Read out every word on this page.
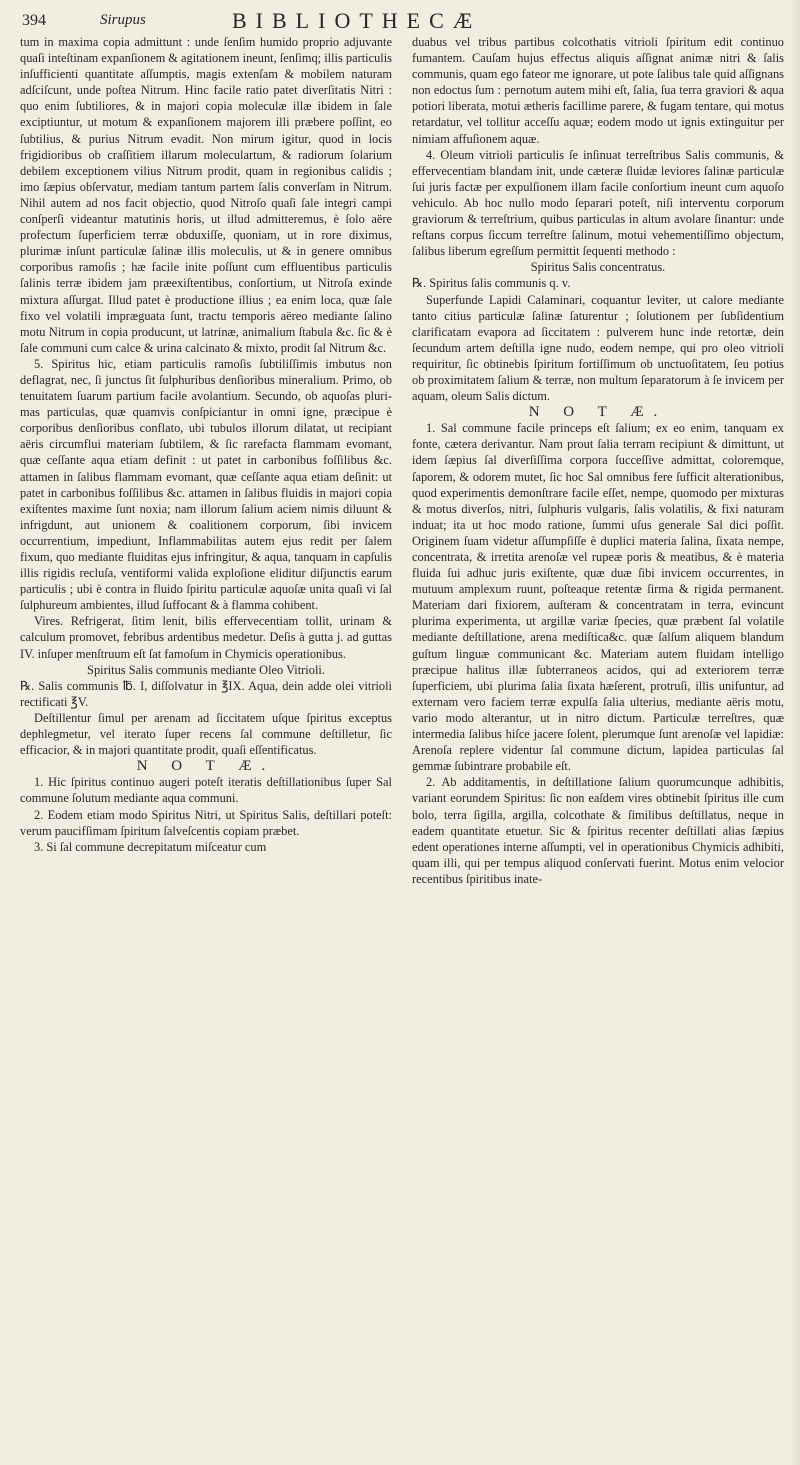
394	Sirupus	BIBLIOTHECÆ

tum in maxima copia admittunt : unde ſenſim humido proprio adjuvante quaſi inteſtinam expanſionem & agitationem ineunt, ſenſimq; illis particulis inſufficienti quantitate aſſumptis, magis extenſam & mobilem naturam adſciſcunt, unde poſtea Nitrum. Hinc facile ratio patet diverſitatis Nitri : quo enim ſubtiliores, & in majori copia moleculæ illæ ibidem in ſale exciptiuntur, ut motum & expanſionem majorem illi præbere poſſint, eo ſubtilius, & purius Nitrum evadit. Non mirum igitur, quod in locis frigidioribus ob craſſitiem illarum moleculartum, & radiorum ſolarium debilem exceptionem vilius Nitrum prodit, quam in regionibus calidis ; imo ſæpius obſervatur, mediam tantum partem ſalis converſam in Nitrum. Nihil autem ad nos facit objectio, quod Nitroſo quaſi ſale integri campi conſperſi videantur matutinis horis, ut illud admitteremus, è ſolo aëre profectum ſuperficiem terræ obduxiſſe, quoniam, ut in rore diximus, plurimæ inſunt particulæ ſalinæ illis moleculis, ut & in genere omnibus corporibus ramoſis ; hæ facile inite poſſunt cum effluentibus particulis ſalinis terræ ibidem jam præexiſtentibus, conſortium, ut Nitroſa exinde mixtura aſſurgat. Illud patet è productione illius ; ea enim loca, quæ ſale fixo vel volatili impræguata ſunt, tractu temporis aëreo mediante ſalino motu Nitrum in copia producunt, ut latrinæ, animalium ſtabula &c. ſic & è ſale communi cum calce & urina calcinato & mixto, prodit ſal Nitrum &c.

5. Spiritus hic, etiam particulis ramoſis ſubtiliſſimis imbutus non deflagrat, nec, ſi junctus ſit ſulphuribus denſioribus mineralium. Primo, ob tenuitatem ſuarum partium facile avolantium. Secundo, ob aquoſas pluri-mas particulas, quæ quamvis conſpiciantur in omni igne, præcipue è corporibus denſioribus conflato, ubi tubulos illorum dilatat, ut recipiant aëris circumflui materiam ſubtilem, & ſic rarefacta flammam evomant, quæ ceſſante aqua etiam definit : ut patet in carbonibus foſſilibus &c. attamen in ſalibus flammam evomant, quæ ceſſante aqua etiam deſinit: ut patet in carbonibus foſſilibus &c. attamen in ſalibus fluidis in majori copia exiſtentes maxime ſunt noxia; nam illorum ſalium aciem nimis diluunt & infrigdunt, aut unionem & coalitionem corporum, ſibi invicem occurrentium, impediunt, Inflammabilitas autem ejus redit per ſalem fixum, quo mediante fluiditas ejus infringitur, & aqua, tanquam in capſulis illis rigidis recluſa, ventiformi valida exploſione eliditur diſjunctis earum particulis ; ubi è contra in fluido ſpiritu particulæ aquoſæ unita quaſi vi ſal ſulphureum ambientes, illud ſuffocant & à flamma cohibent.

Vires. Refrigerat, ſitim lenit, bilis effervecentiam tollit, urinam & calculum promovet, febribus ardentibus medetur. Deſis à gutta j. ad guttas IV. inſuper menſtruum eſt ſat famoſum in Chymicis operationibus.

Spiritus Salis communis mediante Oleo Vitrioli.

℞. Salis communis ℔. I, diſſolvatur in ℥IX. Aqua, dein adde olei vitrioli rectificati ℥V.

Deſtillentur ſimul per arenam ad ſiccitatem uſque ſpiritus exceptus dephlegmetur, vel iterato ſuper recens ſal commune deſtilletur, ſic efficacior, & in majori quantitate prodit, quaſi eſſentificatus.

N O T Æ.

1. Hic ſpiritus continuo augeri poteſt iteratis deſtillationibus ſuper Sal commune ſolutum mediante aqua communi.

2. Eodem etiam modo Spiritus Nitri, ut Spiritus Salis, deſtillari poteſt: verum paucifſimam ſpiritum ſalveſcentis copiam præbet.

3. Si ſal commune decrepitatum miſceatur cum

duabus vel tribus partibus colcothatis vitrioli ſpiritum edit continuo fumantem. Cauſam hujus effectus aliquis aſſignat animæ nitri & ſalis communis, quam ego fateor me ignorare, ut pote ſalibus tale quid aſſignans non edoctus ſum : pernotum autem mihi eſt, ſalia, ſua terra graviori & aqua potiori liberata, motui ætheris facillime parere, & fugam tentare, qui motus retardatur, vel tollitur acceſſu aquæ; eodem modo ut ignis extinguitur per nimiam affuſionem aquæ.

4. Oleum vitrioli particulis ſe inſinuat terreſtribus Salis communis, & effervecentiam blandam init, unde cæteræ ſluidæ leviores ſalinæ particulæ ſui juris factæ per expulſionem illam facile conſortium ineunt cum aquoſo vehiculo. Ab hoc nullo modo ſeparari poteſt, niſi interventu corporum graviorum & terreſtrium, quibus particulas in altum avolare ſinantur: unde reſtans corpus ſiccum terreſtre ſalinum, motui vehementiſſimo objectum, ſalibus liberum egreſſum permittit ſequenti methodo :

Spiritus Salis concentratus.

℞. Spiritus ſalis communis q. v.

Superfunde Lapidi Calaminari, coquantur leviter, ut calore mediante tanto citius particulæ ſalinæ ſaturentur ; ſolutionem per ſubſidentium clarificatam evapora ad ſiccitatem : pulverem hunc inde retortæ, dein ſecundum artem deſtilla igne nudo, eodem nempe, qui pro oleo vitrioli requiritur, ſic obtinebis ſpiritum fortiſſimum ob unctuoſitatem, ſeu potius ob proximitatem ſalium & terræ, non multum ſeparatorum à ſe invicem per aquam, oleum Salis dictum.

N O T Æ.

1. Sal commune facile princeps eſt ſalium; ex eo enim, tanquam ex fonte, cætera derivantur. Nam prout ſalia terram recipiunt & dimittunt, ut idem ſæpius ſal diverſiſſima corpora ſucceſſive admittat, coloremque, ſaporem, & odorem mutet, ſic hoc Sal omnibus fere ſufficit alterationibus, quod experimentis demonſtrare facile eſſet, nempe, quomodo per mixturas & motus diverſos, nitri, ſulphuris vulgaris, ſalis volatilis, & fixi naturam induat; ita ut hoc modo ratione, ſummi uſus generale Sal dici poſſit. Originem ſuam videtur aſſumpſiſſe è duplici materia ſalina, ſixata nempe, concentrata, & irretita arenoſæ vel rupeæ poris & meatibus, & è materia fluida ſui adhuc juris exiſtente, quæ duæ ſibi invicem occurrentes, in mutuum amplexum ruunt, poſteaque retentæ ſirma & rigida permanent. Materiam dari fixiorem, auſteram & concentratam in terra, evincunt plurima experimenta, ut argillæ variæ ſpecies, quæ præbent ſal volatile mediante deſtillatione, arena mediſtica&c. quæ ſalſum aliquem blandum guſtum linguæ communicant &c. Materiam autem fluidam intelligo præcipue halitus illæ ſubterraneos acidos, qui ad exteriorem terræ ſuperficiem, ubi plurima ſalia ſixata hæſerent, protruſi, illis unifuntur, ad externam vero faciem terræ expulſa ſalia ulterius, mediante aëris motu, vario modo alterantur, ut in nitro dictum. Particulæ terreſtres, quæ intermedia ſalibus hiſce jacere ſolent, plerumque ſunt arenoſæ vel lapidiæ: Arenoſa replere videntur ſal commune dictum, lapidea particulas ſal gemmæ ſubintrare probabile eſt.

2. Ab additamentis, in deſtillatione ſalium quorumcunque adhibitis, variant eorundem Spiritus: ſic non eaſdem vires obtinebit ſpiritus ille cum bolo, terra ſigilla, argilla, colcothate & ſimilibus deſtillatus, neque in eadem quantitate etuetur. Sic & ſpiritus recenter deſtillati alias ſæpius edent operationes interne aſſumpti, vel in operationibus Chymicis adhibiti, quam illi, qui per tempus aliquod conſervati fuerint. Motus enim velocior recentibus ſpiritibus inate-
